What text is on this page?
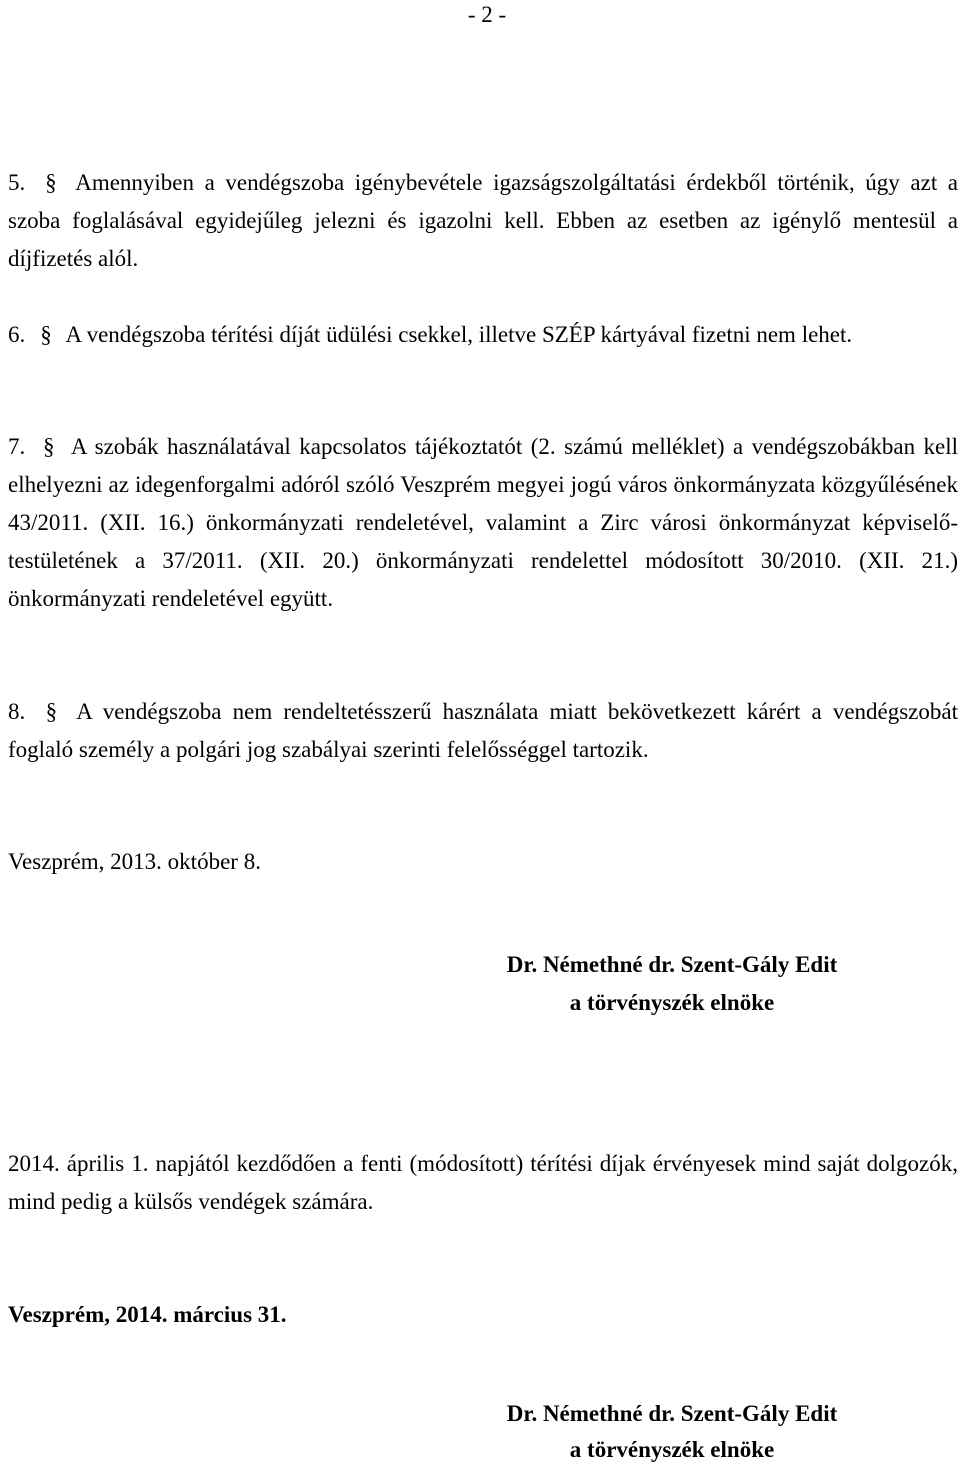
- 2 -

5. § Amennyiben a vendégszoba igénybevétele igazságszolgáltatási érdekből történik, úgy azt a szoba foglalásával egyidejűleg jelezni és igazolni kell. Ebben az esetben az igénylő mentesül a díjfizetés alól.

6. § A vendégszoba térítési díját üdülési csekkel, illetve SZÉP kártyával fizetni nem lehet.

7. § A szobák használatával kapcsolatos tájékoztatót (2. számú melléklet) a vendégszobákban kell elhelyezni az idegenforgalmi adóról szóló Veszprém megyei jogú város önkormányzata közgyűlésének 43/2011. (XII. 16.) önkormányzati rendeletével, valamint a Zirc városi önkormányzat képviselő-testületének a 37/2011. (XII. 20.) önkormányzati rendelettel módosított 30/2010. (XII. 21.) önkormányzati rendeletével együtt.

8. § A vendégszoba nem rendeltetésszerű használata miatt bekövetkezett kárért a vendégszobát foglaló személy a polgári jog szabályai szerinti felelősséggel tartozik.

Veszprém, 2013. október 8.

Dr. Némethné dr. Szent-Gály Edit

a törvényszék elnöke

2014. április 1. napjától kezdődően a fenti (módosított) térítési díjak érvényesek mind saját dolgozók, mind pedig a külsős vendégek számára.

Veszprém, 2014. március 31.

Dr. Némethné dr. Szent-Gály Edit

a törvényszék elnöke
